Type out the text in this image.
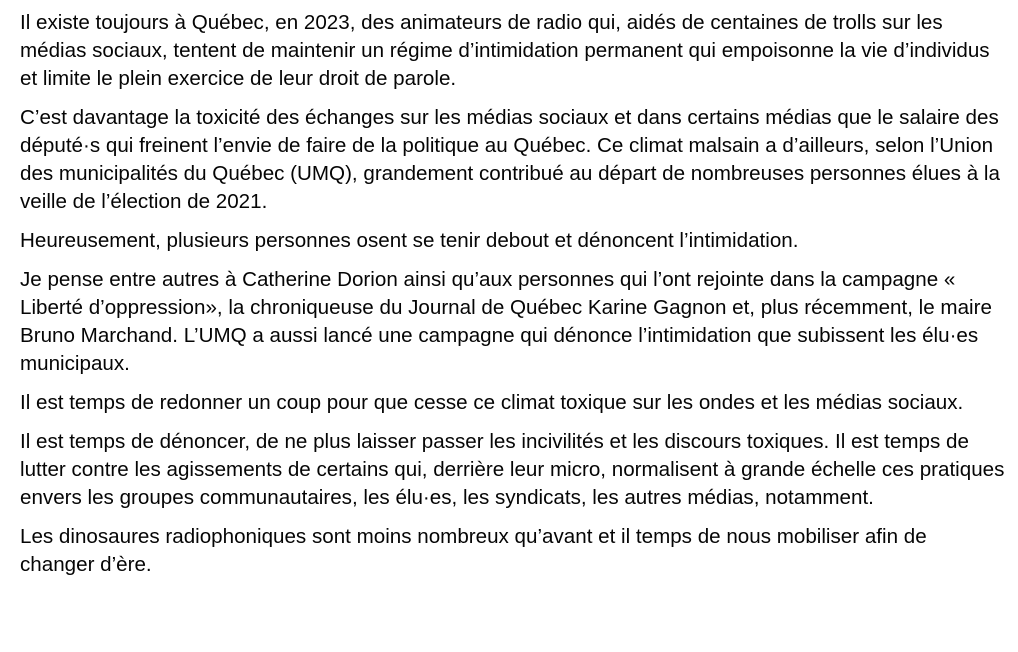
Il existe toujours à Québec, en 2023, des animateurs de radio qui, aidés de centaines de trolls sur les médias sociaux, tentent de maintenir un régime d’intimidation permanent qui empoisonne la vie d’individus et limite le plein exercice de leur droit de parole.

C’est davantage la toxicité des échanges sur les médias sociaux et dans certains médias que le salaire des député·s qui freinent l’envie de faire de la politique au Québec. Ce climat malsain a d’ailleurs, selon l’Union des municipalités du Québec (UMQ), grandement contribué au départ de nombreuses personnes élues à la veille de l’élection de 2021.

Heureusement, plusieurs personnes osent se tenir debout et dénoncent l’intimidation.

Je pense entre autres à Catherine Dorion ainsi qu’aux personnes qui l’ont rejointe dans la campagne « Liberté d’oppression», la chroniqueuse du Journal de Québec Karine Gagnon et, plus récemment, le maire Bruno Marchand. L’UMQ a aussi lancé une campagne qui dénonce l’intimidation que subissent les élu·es municipaux.

Il est temps de redonner un coup pour que cesse ce climat toxique sur les ondes et les médias sociaux.

Il est temps de dénoncer, de ne plus laisser passer les incivilités et les discours toxiques. Il est temps de lutter contre les agissements de certains qui, derrière leur micro, normalisent à grande échelle ces pratiques envers les groupes communautaires, les élu·es, les syndicats, les autres médias, notamment.

Les dinosaures radiophoniques sont moins nombreux qu’avant et il temps de nous mobiliser afin de changer d’ère.
